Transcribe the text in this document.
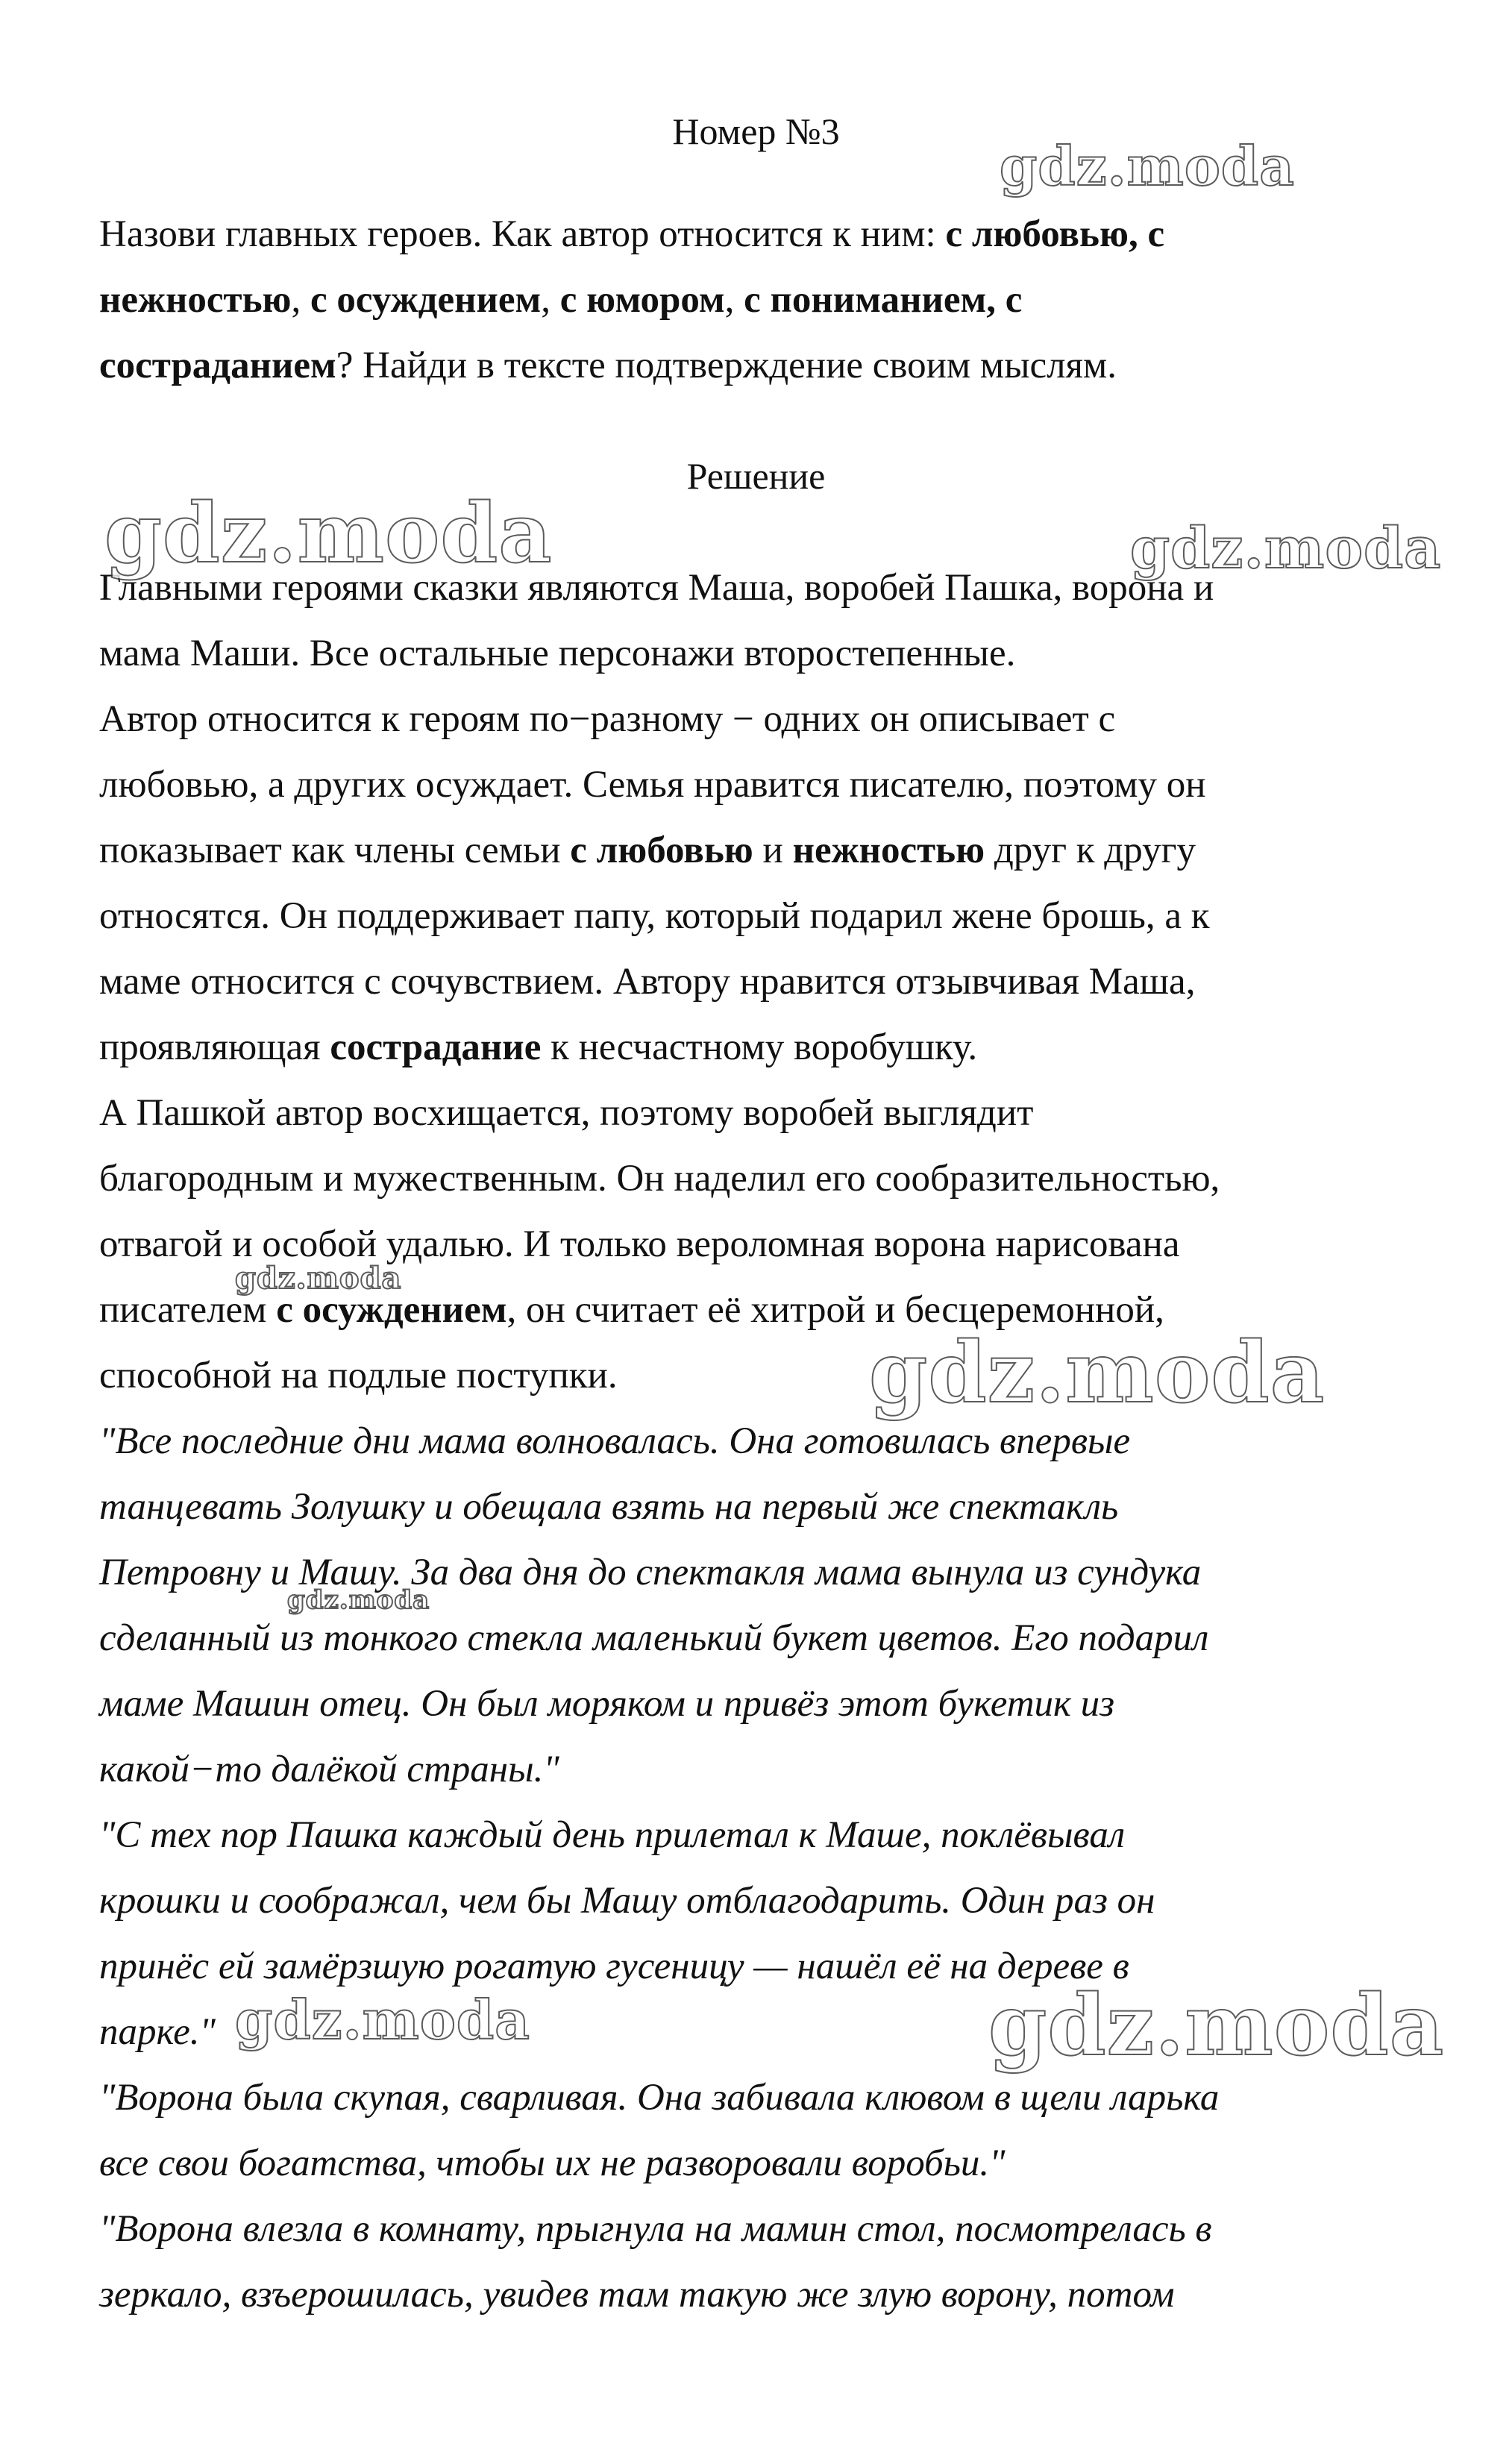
Номер №3
Назови главных героев. Как автор относится к ним: с любовью, с
нежностью, с осуждением, с юмором, с пониманием, с
состраданием? Найди в тексте подтверждение своим мыслям.
Решение
Главными героями сказки являются Маша, воробей Пашка, ворона и
мама Маши. Все остальные персонажи второстепенные.
Автор относится к героям по−разному − одних он описывает с
любовью, а других осуждает. Семья нравится писателю, поэтому он
показывает как члены семьи с любовью и нежностью друг к другу
относятся. Он поддерживает папу, который подарил жене брошь, а к
маме относится с сочувствием. Автору нравится отзывчивая Маша,
проявляющая сострадание к несчастному воробушку.
А Пашкой автор восхищается, поэтому воробей выглядит
благородным и мужественным. Он наделил его сообразительностью,
отвагой и особой удалью. И только вероломная ворона нарисована
писателем с осуждением, он считает её хитрой и бесцеремонной,
способной на подлые поступки.
"Все последние дни мама волновалась. Она готовилась впервые
танцевать Золушку и обещала взять на первый же спектакль
Петровну и Машу. За два дня до спектакля мама вынула из сундука
сделанный из тонкого стекла маленький букет цветов. Его подарил
маме Машин отец. Он был моряком и привёз этот букетик из
какой−то далёкой страны."
"С тех пор Пашка каждый день прилетал к Маше, поклёвывал
крошки и соображал, чем бы Машу отблагодарить. Один раз он
принёс ей замёрзшую рогатую гусеницу — нашёл её на дереве в
парке."
"Ворона была скупая, сварливая. Она забивала клювом в щели ларька
все свои богатства, чтобы их не разворовали воробьи."
"Ворона влезла в комнату, прыгнула на мамин стол, посмотрелась в
зеркало, взъерошилась, увидев там такую же злую ворону, потом
gdz.moda
gdz.moda	gdz.moda
gdz.moda
gdz.moda
gdz.moda
gdz.moda	gdz.moda
